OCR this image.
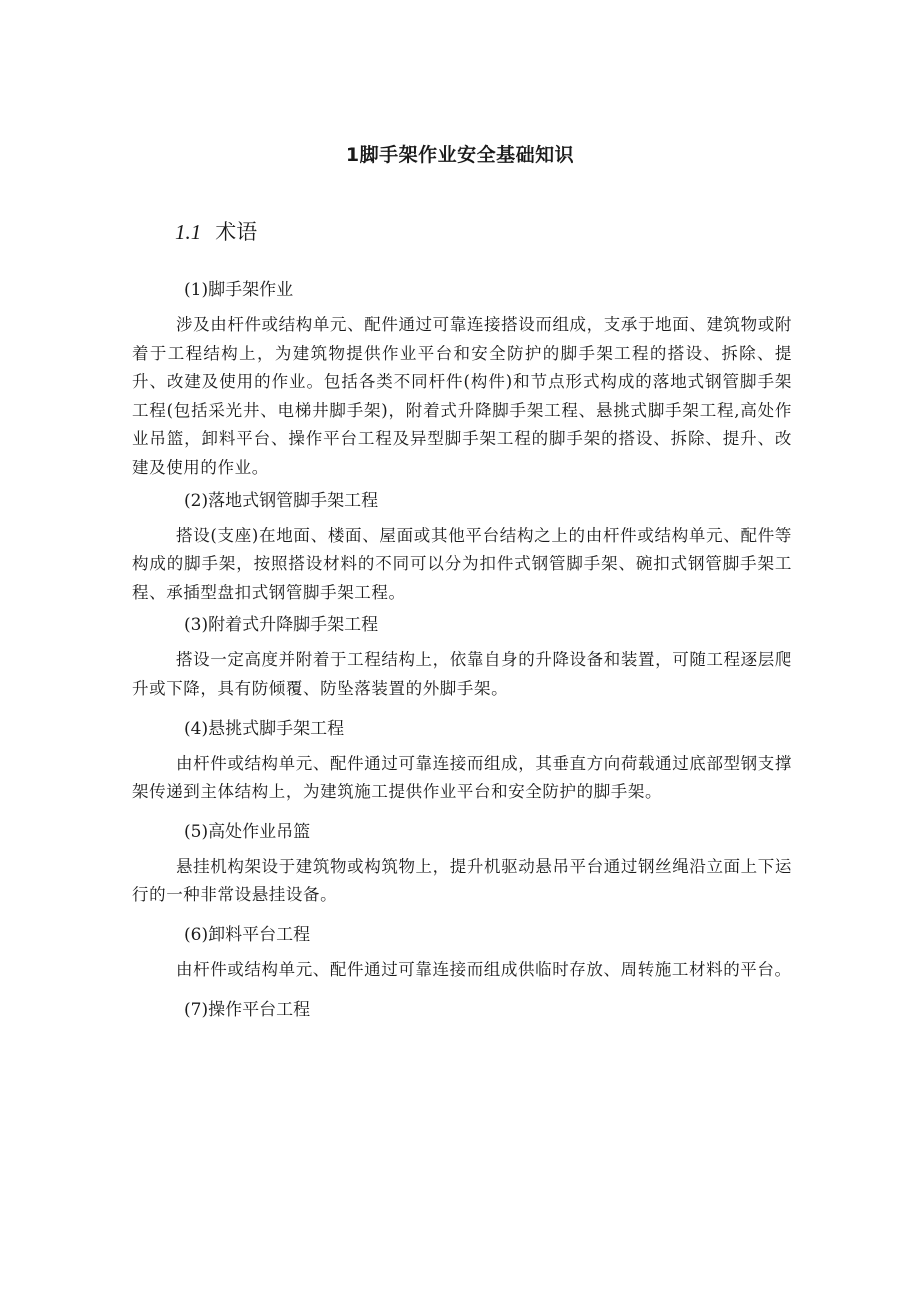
1脚手架作业安全基础知识
1.1 术语

(1)脚手架作业

涉及由杆件或结构单元、配件通过可靠连接搭设而组成，支承于地面、建筑物或附着于工程结构上，为建筑物提供作业平台和安全防护的脚手架工程的搭设、拆除、提升、改建及使用的作业。包括各类不同杆件(构件)和节点形式构成的落地式钢管脚手架工程(包括采光井、电梯井脚手架)，附着式升降脚手架工程、悬挑式脚手架工程,高处作业吊篮，卸料平台、操作平台工程及异型脚手架工程的脚手架的搭设、拆除、提升、改建及使用的作业。

(2)落地式钢管脚手架工程

搭设(支座)在地面、楼面、屋面或其他平台结构之上的由杆件或结构单元、配件等构成的脚手架，按照搭设材料的不同可以分为扣件式钢管脚手架、碗扣式钢管脚手架工程、承插型盘扣式钢管脚手架工程。

(3)附着式升降脚手架工程

搭设一定高度并附着于工程结构上，依靠自身的升降设备和装置，可随工程逐层爬升或下降，具有防倾覆、防坠落装置的外脚手架。

(4)悬挑式脚手架工程

由杆件或结构单元、配件通过可靠连接而组成，其垂直方向荷载通过底部型钢支撑架传递到主体结构上，为建筑施工提供作业平台和安全防护的脚手架。

(5)高处作业吊篮

悬挂机构架设于建筑物或构筑物上，提升机驱动悬吊平台通过钢丝绳沿立面上下运行的一种非常设悬挂设备。

(6)卸料平台工程

由杆件或结构单元、配件通过可靠连接而组成供临时存放、周转施工材料的平台。

(7)操作平台工程
